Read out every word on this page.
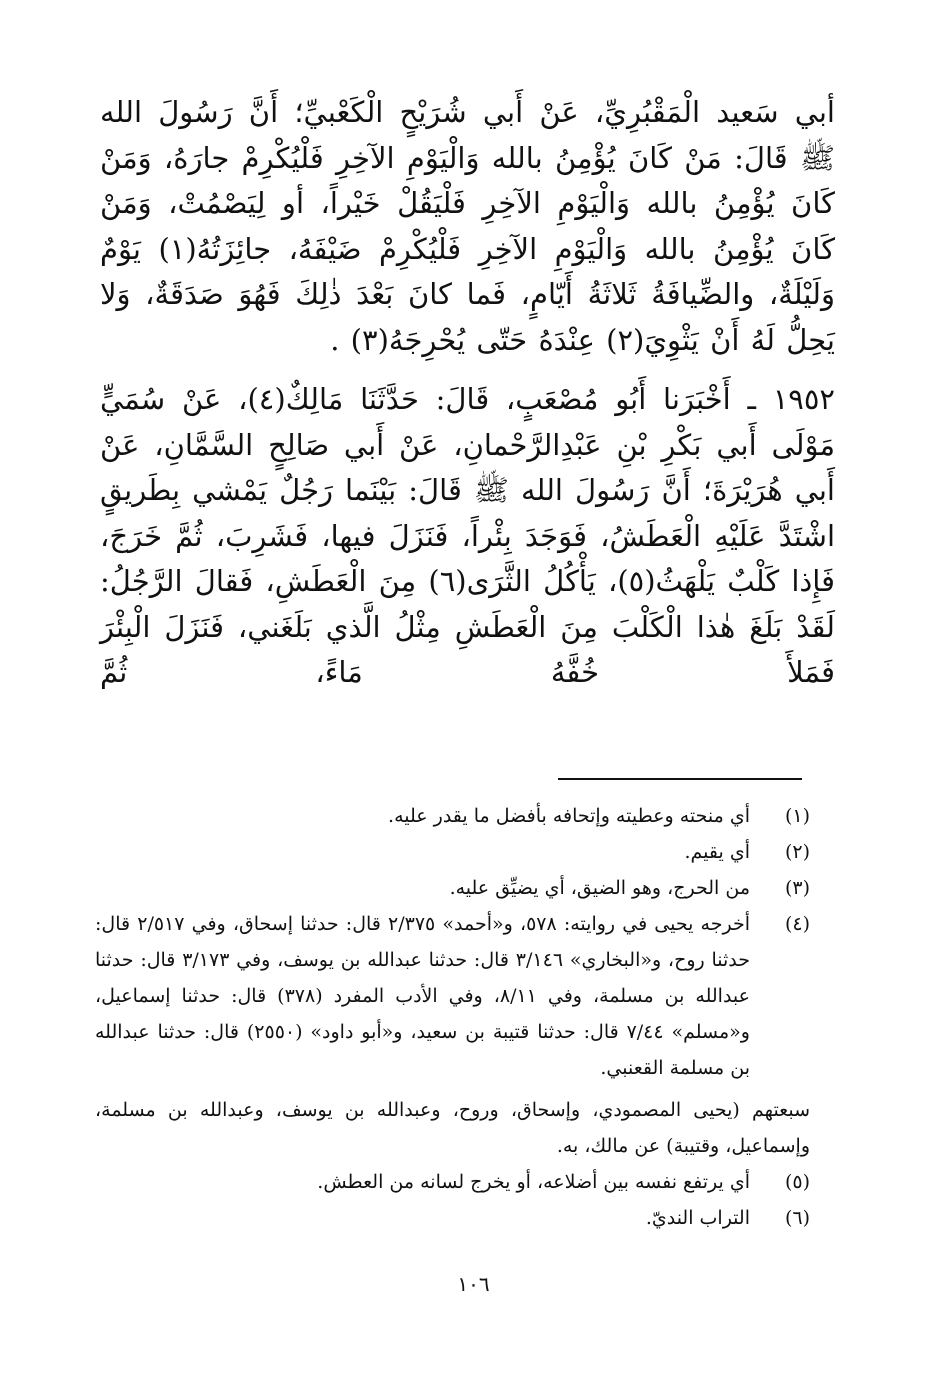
أبي سَعيد الْمَقْبُرِيِّ، عَنْ أَبي شُرَيْحٍ الْكَعْبيِّ؛ أَنَّ رَسُولَ الله ﷺ قَالَ: مَنْ كَانَ يُؤْمِنُ بالله وَالْيَوْمِ الآخِرِ فَلْيُكْرِمْ جارَهُ، وَمَنْ كَانَ يُؤْمِنُ بالله وَالْيَوْمِ الآخِرِ فَلْيَقُلْ خَيْراً، أو لِيَصْمُتْ، وَمَنْ كَانَ يُؤْمِنُ بالله وَالْيَوْمِ الآخِرِ فَلْيُكْرِمْ ضَيْفَهُ، جائِزَتُهُ(١) يَوْمٌ وَلَيْلَةٌ، والضِّيافَةُ ثَلاثَةُ أَيّامٍ، فَما كانَ بَعْدَ ذٰلِكَ فَهُوَ صَدَقَةٌ، وَلا يَحِلُّ لَهُ أَنْ يَثْوِيَ(٢) عِنْدَهُ حَتّى يُحْرِجَهُ(٣) .

١٩٥٢ ـ أَخْبَرَنا أَبُو مُصْعَبٍ، قَالَ: حَدَّثَنَا مَالِكٌ(٤)، عَنْ سُمَيٍّ مَوْلَى أَبي بَكْرِ بْنِ عَبْدِالرَّحْمانِ، عَنْ أَبي صَالِحٍ السَّمَّانِ، عَنْ أَبي هُرَيْرَةَ؛ أَنَّ رَسُولَ الله ﷺ قَالَ: بَيْنَما رَجُلٌ يَمْشي بِطَريقٍ اشْتَدَّ عَلَيْهِ الْعَطَشُ، فَوَجَدَ بِئْراً، فَنَزَلَ فيها، فَشَرِبَ، ثُمَّ خَرَجَ، فَإِذا كَلْبٌ يَلْهَثُ(٥)، يَأْكُلُ الثَّرَى(٦) مِنَ الْعَطَشِ، فَقالَ الرَّجُلُ: لَقَدْ بَلَغَ هٰذا الْكَلْبَ مِنَ الْعَطَشِ مِثْلُ الَّذي بَلَغَني، فَنَزَلَ الْبِئْرَ فَمَلأَ خُفَّهُ مَاءً، ثُمَّ

(١)
أي منحته وعطيته وإتحافه بأفضل ما يقدر عليه.
(٢)
أي يقيم.
(٣)
من الحرج، وهو الضيق، أي يضيِّق عليه.
(٤)
أخرجه يحيى في روايته: ٥٧٨، و«أحمد» ٢/٣٧٥ قال: حدثنا إسحاق، وفي ٢/٥١٧ قال: حدثنا روح، و«البخاري» ٣/١٤٦ قال: حدثنا عبدالله بن يوسف، وفي ٣/١٧٣ قال: حدثنا عبدالله بن مسلمة، وفي ٨/١١، وفي الأدب المفرد (٣٧٨) قال: حدثنا إسماعيل، و«مسلم» ٧/٤٤ قال: حدثنا قتيبة بن سعيد، و«أبو داود» (٢٥٥٠) قال: حدثنا عبدالله بن مسلمة القعنبي.
سبعتهم (يحيى المصمودي، وإسحاق، وروح، وعبدالله بن يوسف، وعبدالله بن مسلمة، وإسماعيل، وقتيبة) عن مالك، به.
(٥)
أي يرتفع نفسه بين أضلاعه، أو يخرج لسانه من العطش.
(٦)
التراب النديّ.
١٠٦
